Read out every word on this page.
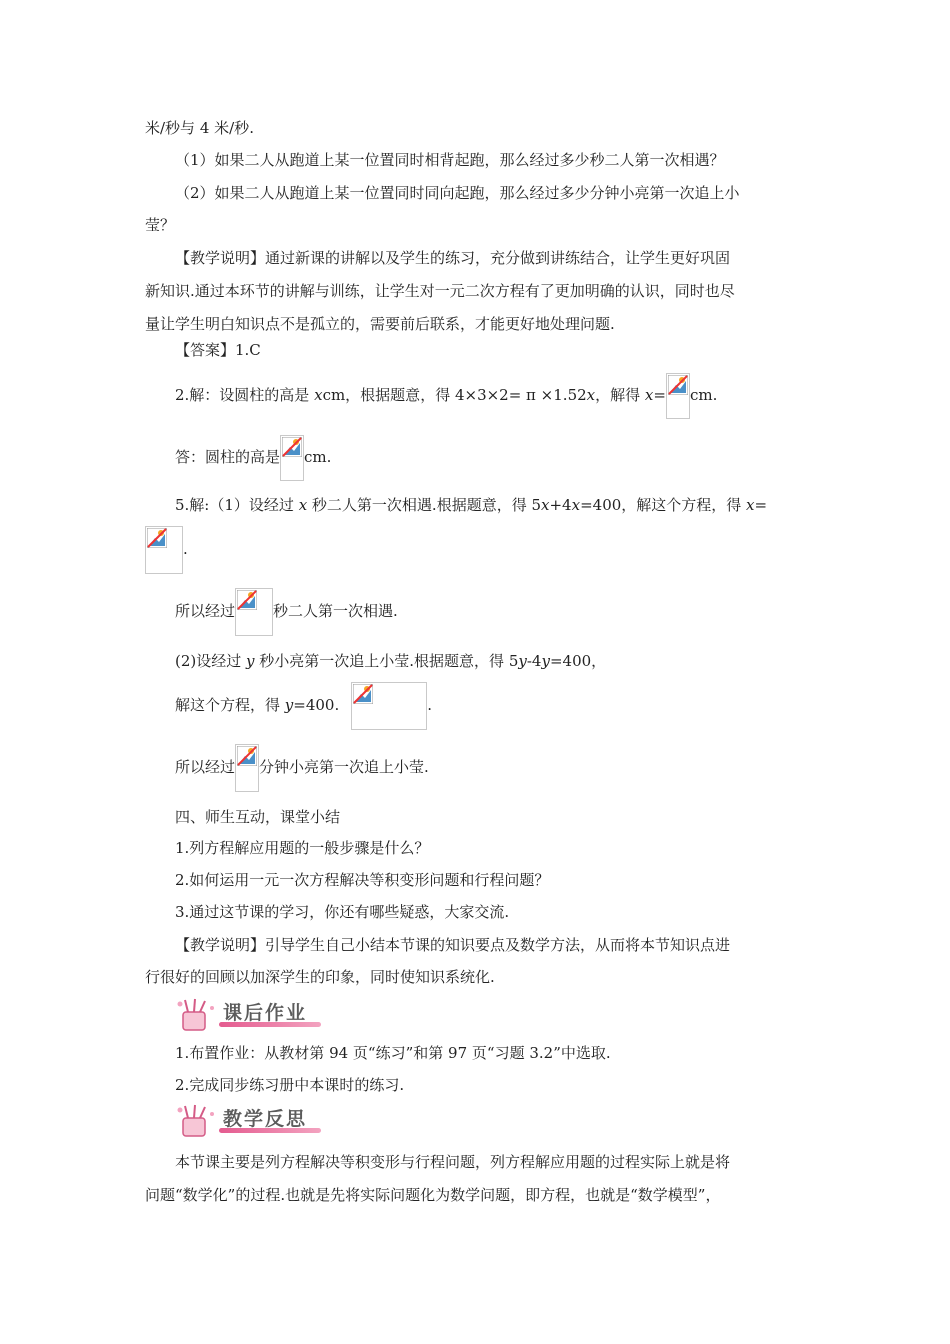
米/秒与 4 米/秒.
（1）如果二人从跑道上某一位置同时相背起跑，那么经过多少秒二人第一次相遇？
（2）如果二人从跑道上某一位置同时同向起跑，那么经过多少分钟小亮第一次追上小
莹？
【教学说明】通过新课的讲解以及学生的练习，充分做到讲练结合，让学生更好巩固
新知识.通过本环节的讲解与训练，让学生对一元二次方程有了更加明确的认识，同时也尽
量让学生明白知识点不是孤立的，需要前后联系，才能更好地处理问题.
【答案】1.C
2.解：设圆柱的高是 xcm，根据题意，得 4×3×2= π ×1.52x，解得 x= cm.
答：圆柱的高是 cm.
5.解:（1）设经过 x 秒二人第一次相遇.根据题意，得 5x+4x=400，解这个方程，得 x=
.
所以经过	秒二人第一次相遇.
(2)设经过 y 秒小亮第一次追上小莹.根据题意，得 5y-4y=400，
解这个方程，得 y=400.	.
所以经过 分钟小亮第一次追上小莹.
四、师生互动，课堂小结
1.列方程解应用题的一般步骤是什么？
2.如何运用一元一次方程解决等积变形问题和行程问题？
3.通过这节课的学习，你还有哪些疑惑，大家交流.
【教学说明】引导学生自己小结本节课的知识要点及数学方法，从而将本节知识点进
行很好的回顾以加深学生的印象，同时使知识系统化.
课后作业
1.布置作业：从教材第 94 页“练习”和第 97 页“习题 3.2”中选取.
2.完成同步练习册中本课时的练习.
教学反思
本节课主要是列方程解决等积变形与行程问题，列方程解应用题的过程实际上就是将
问题“数学化”的过程.也就是先将实际问题化为数学问题，即方程，也就是“数学模型”，
